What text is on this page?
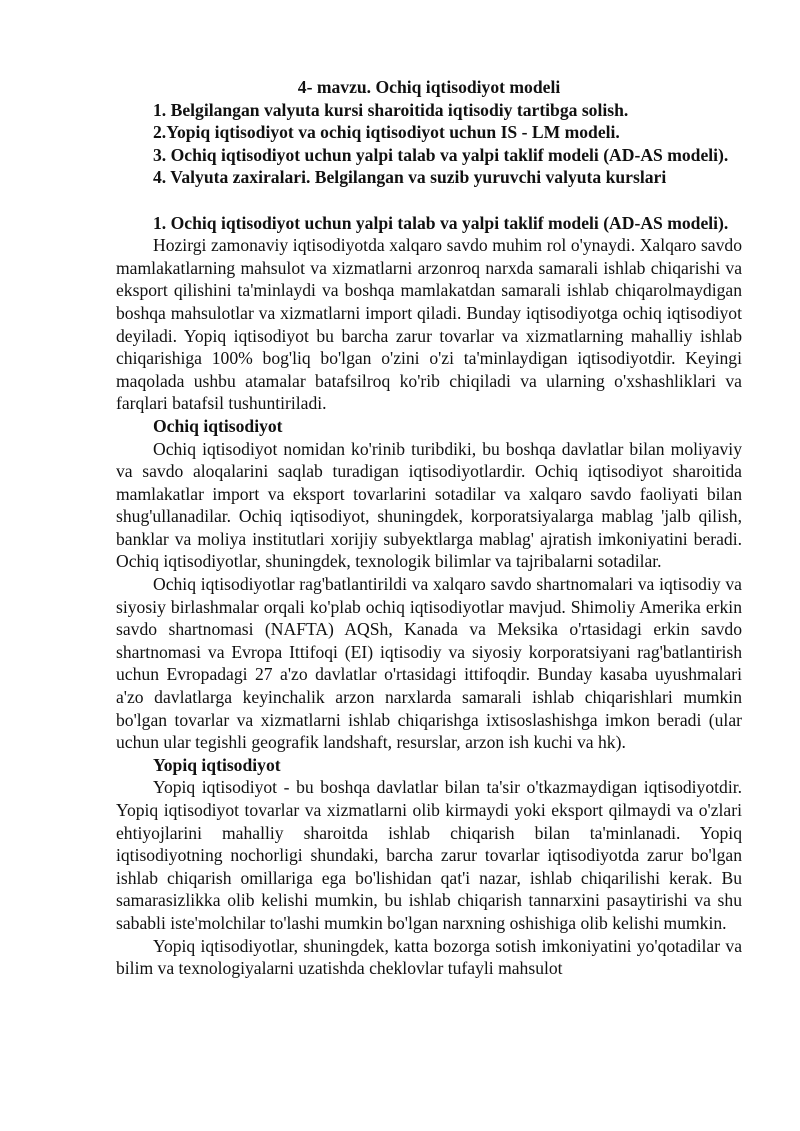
4- mavzu. Ochiq iqtisodiyot modeli

1. Belgilangan valyuta kursi sharoitida iqtisodiy tartibga solish.

2.Yopiq iqtisodiyot va ochiq iqtisodiyot uchun IS - LM modeli.

3. Ochiq iqtisodiyot uchun yalpi talab va yalpi taklif modeli (AD-AS modeli).

4. Valyuta zaxiralari. Belgilangan va suzib yuruvchi valyuta kurslari

1. Ochiq iqtisodiyot uchun yalpi talab va yalpi taklif modeli (AD-AS modeli).

Hozirgi zamonaviy iqtisodiyotda xalqaro savdo muhim rol o'ynaydi. Xalqaro savdo mamlakatlarning mahsulot va xizmatlarni arzonroq narxda samarali ishlab chiqarishi va eksport qilishini ta'minlaydi va boshqa mamlakatdan samarali ishlab chiqarolmaydigan boshqa mahsulotlar va xizmatlarni import qiladi. Bunday iqtisodiyotga ochiq iqtisodiyot deyiladi. Yopiq iqtisodiyot bu barcha zarur tovarlar va xizmatlarning mahalliy ishlab chiqarishiga 100% bog'liq bo'lgan o'zini o'zi ta'minlaydigan iqtisodiyotdir. Keyingi maqolada ushbu atamalar batafsilroq ko'rib chiqiladi va ularning o'xshashliklari va farqlari batafsil tushuntiriladi.

Ochiq iqtisodiyot

Ochiq iqtisodiyot nomidan ko'rinib turibdiki, bu boshqa davlatlar bilan moliyaviy va savdo aloqalarini saqlab turadigan iqtisodiyotlardir. Ochiq iqtisodiyot sharoitida mamlakatlar import va eksport tovarlarini sotadilar va xalqaro savdo faoliyati bilan shug'ullanadilar. Ochiq iqtisodiyot, shuningdek, korporatsiyalarga mablag 'jalb qilish, banklar va moliya institutlari xorijiy subyektlarga mablag' ajratish imkoniyatini beradi. Ochiq iqtisodiyotlar, shuningdek, texnologik bilimlar va tajribalarni sotadilar.

Ochiq iqtisodiyotlar rag'batlantirildi va xalqaro savdo shartnomalari va iqtisodiy va siyosiy birlashmalar orqali ko'plab ochiq iqtisodiyotlar mavjud. Shimoliy Amerika erkin savdo shartnomasi (NAFTA) AQSh, Kanada va Meksika o'rtasidagi erkin savdo shartnomasi va Evropa Ittifoqi (EI) iqtisodiy va siyosiy korporatsiyani rag'batlantirish uchun Evropadagi 27 a'zo davlatlar o'rtasidagi ittifoqdir. Bunday kasaba uyushmalari a'zo davlatlarga keyinchalik arzon narxlarda samarali ishlab chiqarishlari mumkin bo'lgan tovarlar va xizmatlarni ishlab chiqarishga ixtisoslashishga imkon beradi (ular uchun ular tegishli geografik landshaft, resurslar, arzon ish kuchi va hk).

Yopiq iqtisodiyot

Yopiq iqtisodiyot - bu boshqa davlatlar bilan ta'sir o'tkazmaydigan iqtisodiyotdir. Yopiq iqtisodiyot tovarlar va xizmatlarni olib kirmaydi yoki eksport qilmaydi va o'zlari ehtiyojlarini mahalliy sharoitda ishlab chiqarish bilan ta'minlanadi. Yopiq iqtisodiyotning nochorligi shundaki, barcha zarur tovarlar iqtisodiyotda zarur bo'lgan ishlab chiqarish omillariga ega bo'lishidan qat'i nazar, ishlab chiqarilishi kerak. Bu samarasizlikka olib kelishi mumkin, bu ishlab chiqarish tannarxini pasaytirishi va shu sababli iste'molchilar to'lashi mumkin bo'lgan narxning oshishiga olib kelishi mumkin.

Yopiq iqtisodiyotlar, shuningdek, katta bozorga sotish imkoniyatini yo'qotadilar va bilim va texnologiyalarni uzatishda cheklovlar tufayli mahsulot
